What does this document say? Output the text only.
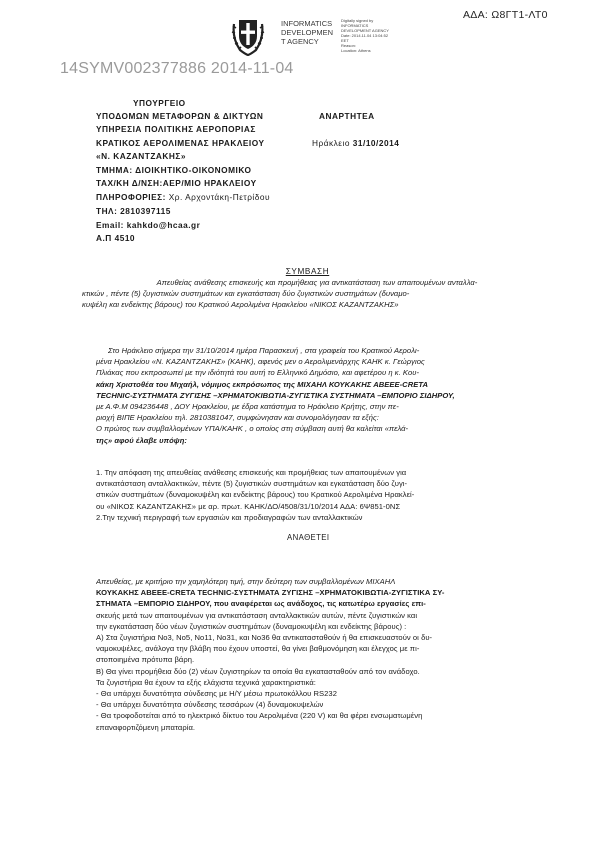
INFORMATICS
DEVELOPMEN
T AGENCY
Digitally signed by
INFORMATICS
DEVELOPMENT AGENCY
Date: 2014.11.04 13:04:52
EET
Reason:
Location: Athens
ΑΔΑ: Ω8ΓΤ1-ΛΤ0
14SYMV002377886 2014-11-04
ΥΠΟΥΡΓΕΙΟ
ΥΠΟΔΟΜΩΝ ΜΕΤΑΦΟΡΩΝ & ΔΙΚΤΥΩΝ	ΑΝΑΡΤΗΤΕΑ
ΥΠΗΡΕΣΙΑ ΠΟΛΙΤΙΚΗΣ ΑΕΡΟΠΟΡΙΑΣ
ΚΡΑΤΙΚΟΣ ΑΕΡΟΛΙΜΕΝΑΣ ΗΡΑΚΛΕΙΟΥ	Ηράκλειο 31/10/2014
«Ν. ΚΑΖΑΝΤΖΑΚΗΣ»
ΤΜΗΜΑ: ΔΙΟΙΚΗΤΙΚΟ-ΟΙΚΟΝΟΜΙΚΟ
ΤΑΧ/ΚΗ Δ/ΝΣΗ:ΑΕΡ/ΜΙΟ ΗΡΑΚΛΕΙΟΥ
ΠΛΗΡΟΦΟΡΙΕΣ: Χρ. Αρχοντάκη-Πετρίδου
ΤΗΛ: 2810397115
Email: kahkdo@hcaa.gr
Α.Π 4510
ΣΥΜΒΑΣΗ
Απευθείας ανάθεσης επισκευής και προμήθειας για αντικατάσταση των απαιτουμένων ανταλλα-
κτικών , πέντε (5) ζυγιστικών συστημάτων και εγκατάσταση δύο ζυγιστικών συστημάτων (δυναμο-
κυψέλη και ενδείκτης βάρους) του Κρατικού Αερολιμένα Ηρακλείου «ΝΙΚΟΣ ΚΑΖΑΝΤΖΑΚΗΣ»
Στο Ηράκλειο σήμερα την 31/10/2014 ημέρα Παρασκευή , στα γραφεία του Κρατικού Αερολι-
μένα Ηρακλείου «Ν. ΚΑΖΑΝΤΖΑΚΗΣ» (ΚΑΗΚ), αφενός μεν ο Αερολιμενάρχης ΚΑΗΚ κ. Γεώργιος
Πλιάκας που εκπροσωπεί με την ιδιότητά του αυτή το Ελληνικό Δημόσιο, και αφετέρου η κ. Κου-
κάκη Χριστοθέα του Μιχαήλ, νόμιμος εκπρόσωπος της ΜΙΧΑΗΛ ΚΟΥΚΑΚΗΣ ΑΒΕΕΕ-CRETA
TECHNIC-ΣΥΣΤΗΜΑΤΑ ΖΥΓΙΣΗΣ –ΧΡΗΜΑΤΟΚΙΒΩΤΙΑ-ΖΥΓΙΣΤΙΚΑ ΣΥΣΤΗΜΑΤΑ –ΕΜΠΟΡΙΟ ΣΙΔΗΡΟΥ,
με Α.Φ.Μ 094236448 , ΔΟΥ Ηρακλείου, με έδρα κατάστημα το Ηράκλειο Κρήτης, στην πε-
ριοχή ΒΙΠΕ Ηρακλείου τηλ. 2810381047, συμφώνησαν και συνομολόγησαν τα εξής:
Ο πρώτος των συμβαλλομένων ΥΠΑ/ΚΑΗΚ , ο οποίος στη σύμβαση αυτή θα καλείται «πελά-
της» αφού έλαβε υπόψη:
1. Την απόφαση της απευθείας ανάθεσης επισκευής και προμήθειας των απαιτουμένων για
αντικατάσταση ανταλλακτικών, πέντε (5) ζυγιστικών συστημάτων και εγκατάσταση δύο ζυγι-
στικών συστημάτων (δυναμοκυψέλη και ενδείκτης βάρους) του Κρατικού Αερολιμένα Ηρακλεί-
ου «ΝΙΚΟΣ ΚΑΖΑΝΤΖΑΚΗΣ» με αρ. πρωτ. ΚΑΗΚ/ΔΟ/4508/31/10/2014 ΑΔΑ: 6Ψ851-0ΝΣ
2.Την τεχνική περιγραφή των εργασιών και προδιαγραφών των ανταλλακτικών
ΑΝΑΘΕΤΕΙ
Απευθείας, με κριτήριο την χαμηλότερη τιμή, στην δεύτερη των συμβαλλομένων ΜΙΧΑΗΛ
ΚΟΥΚΑΚΗΣ ΑΒΕΕΕ-CRETA TECHNIC-ΣΥΣΤΗΜΑΤΑ ΖΥΓΙΣΗΣ –ΧΡΗΜΑΤΟΚΙΒΩΤΙΑ-ΖΥΓΙΣΤΙΚΑ ΣΥ-
ΣΤΗΜΑΤΑ –ΕΜΠΟΡΙΟ ΣΙΔΗΡΟΥ, που αναφέρεται ως ανάδοχος, τις κατωτέρω εργασίες επι-
σκευής μετά των απαιτουμένων για αντικατάσταση ανταλλακτικών αυτών, πέντε ζυγιστικών και
την εγκατάσταση δύο νέων ζυγιστικών συστημάτων (δυναμοκυψέλη και ενδείκτης βάρους) :
Α) Στα ζυγιστήρια Νο3, Νο5, Νο11, Νο31, και Νο36 θα αντικατασταθούν ή θα επισκευαστούν οι δυ-
ναμοκυψέλες, ανάλογα την βλάβη που έχουν υποστεί, θα γίνει βαθμονόμηση και έλεγχος με πι-
στοποιημένα πρότυπα βάρη.
Β) Θα γίνει προμήθεια δύο (2) νέων ζυγιστηρίων τα οποία θα εγκατασταθούν από τον ανάδοχο.
Τα ζυγιστήρια θα έχουν τα εξής ελάχιστα τεχνικά χαρακτηριστικά:
- Θα υπάρχει δυνατότητα σύνδεσης με Η/Υ μέσω πρωτοκόλλου RS232
- Θα υπάρχει δυνατότητα σύνδεσης τεσσάρων (4) δυναμοκυψελών
- Θα τροφοδοτείται από το ηλεκτρικό δίκτυο του Αερολιμένα (220 V) και θα φέρει ενσωματωμένη
επαναφορτιζόμενη μπαταρία.
